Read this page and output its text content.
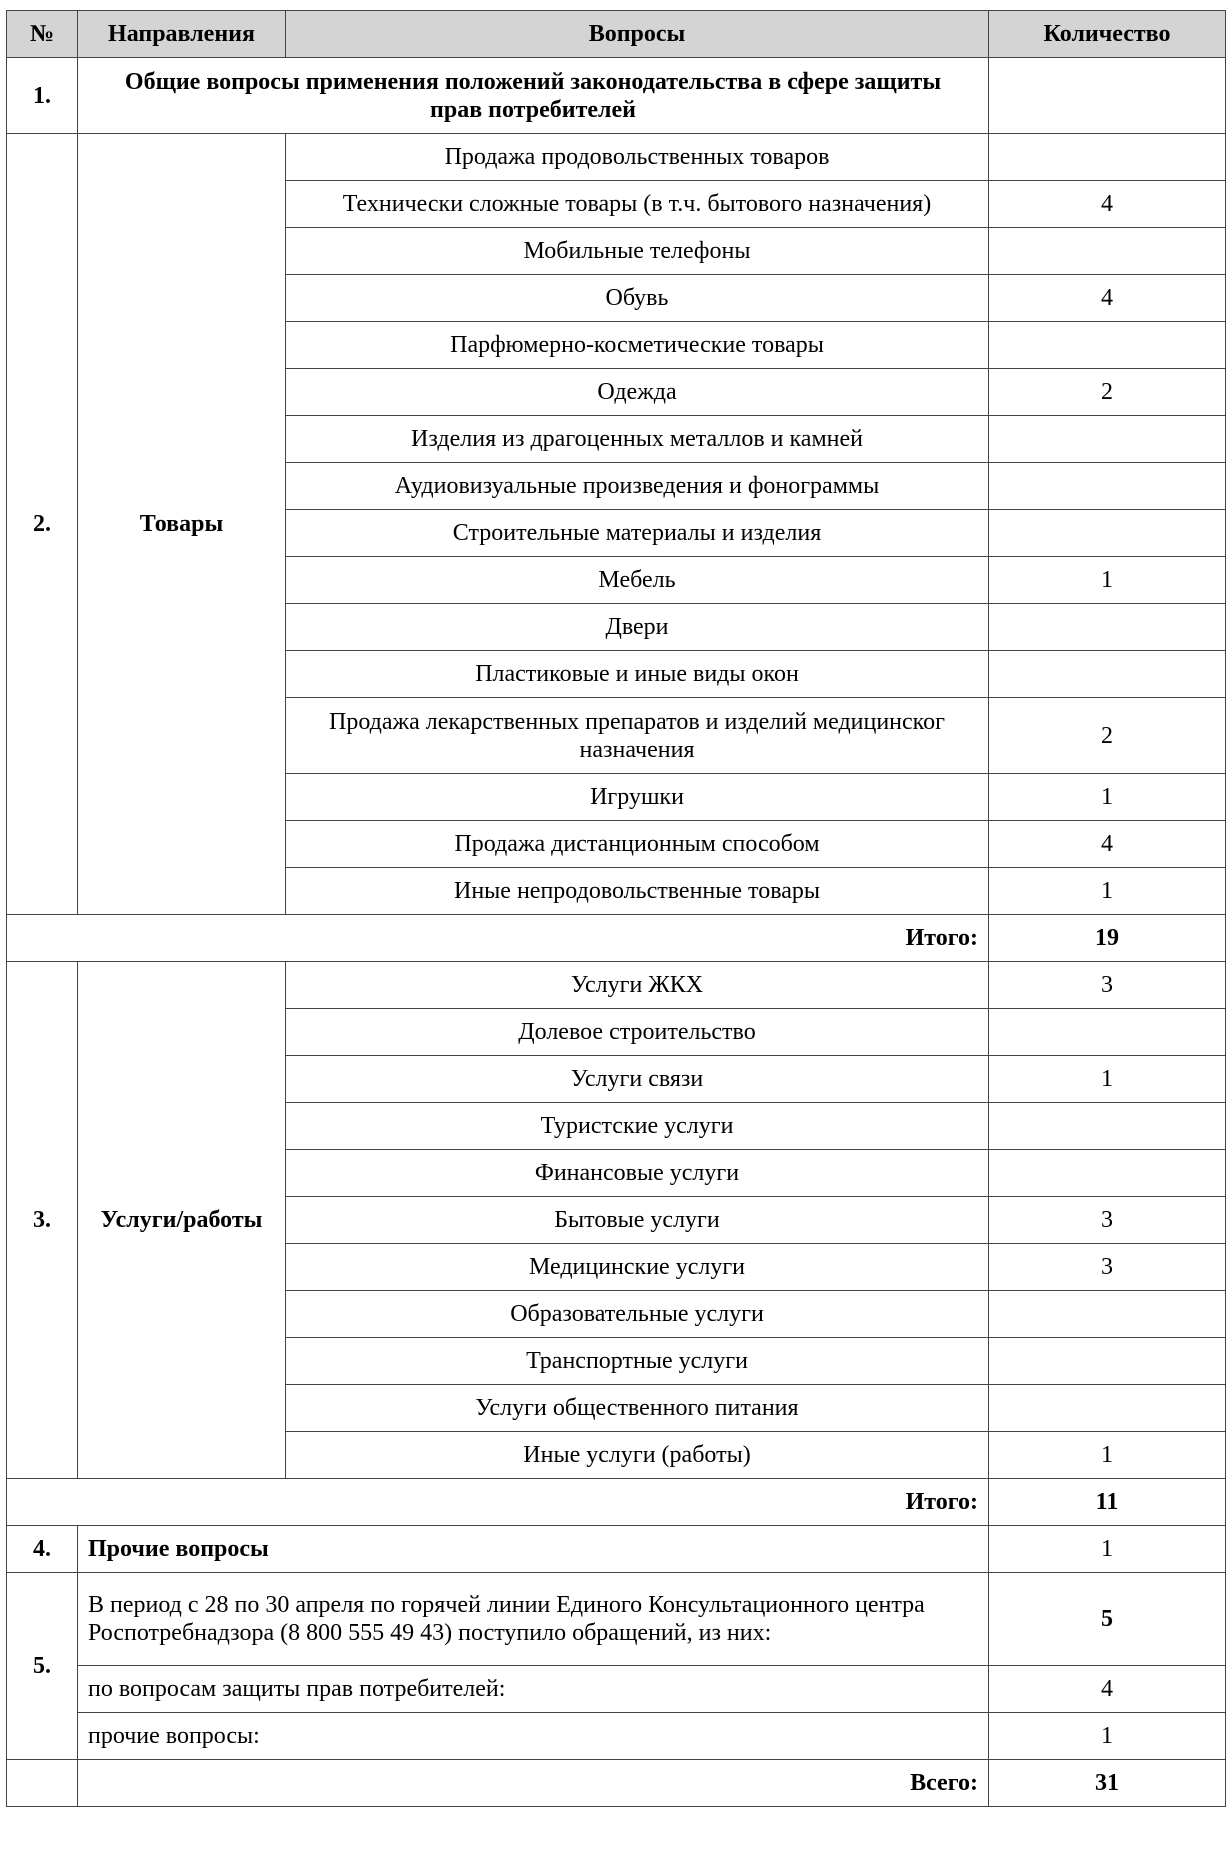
№	Направления	Вопросы	Количество
1.	Общие вопросы применения положений законодательства в сфере защиты прав потребителей		
2.	Товары	Продажа продовольственных товаров	
		Технически сложные товары (в т.ч. бытового назначения)	4
		Мобильные телефоны	
		Обувь	4
		Парфюмерно-косметические товары	
		Одежда	2
		Изделия из драгоценных металлов и камней	
		Аудиовизуальные произведения и фонограммы	
		Строительные материалы и изделия	
		Мебель	1
		Двери	
		Пластиковые и иные виды окон	
		Продажа лекарственных препаратов и изделий медицинског назначения	2
		Игрушки	1
		Продажа дистанционным способом	4
		Иные непродовольственные товары	1
Итого:			19
3.	Услуги/работы	Услуги ЖКХ	3
		Долевое строительство	
		Услуги связи	1
		Туристские услуги	
		Финансовые услуги	
		Бытовые услуги	3
		Медицинские услуги	3
		Образовательные услуги	
		Транспортные услуги	
		Услуги общественного питания	
		Иные услуги (работы)	1
Итого:			11
4.	Прочие вопросы		1
5.	В период с 28 по 30 апреля по горячей линии Единого Консультационного центра Роспотребнадзора (8 800 555 49 43) поступило обращений, из них:		5
	по вопросам защиты прав потребителей:		4
	прочие вопросы:		1
	Всего:		31
